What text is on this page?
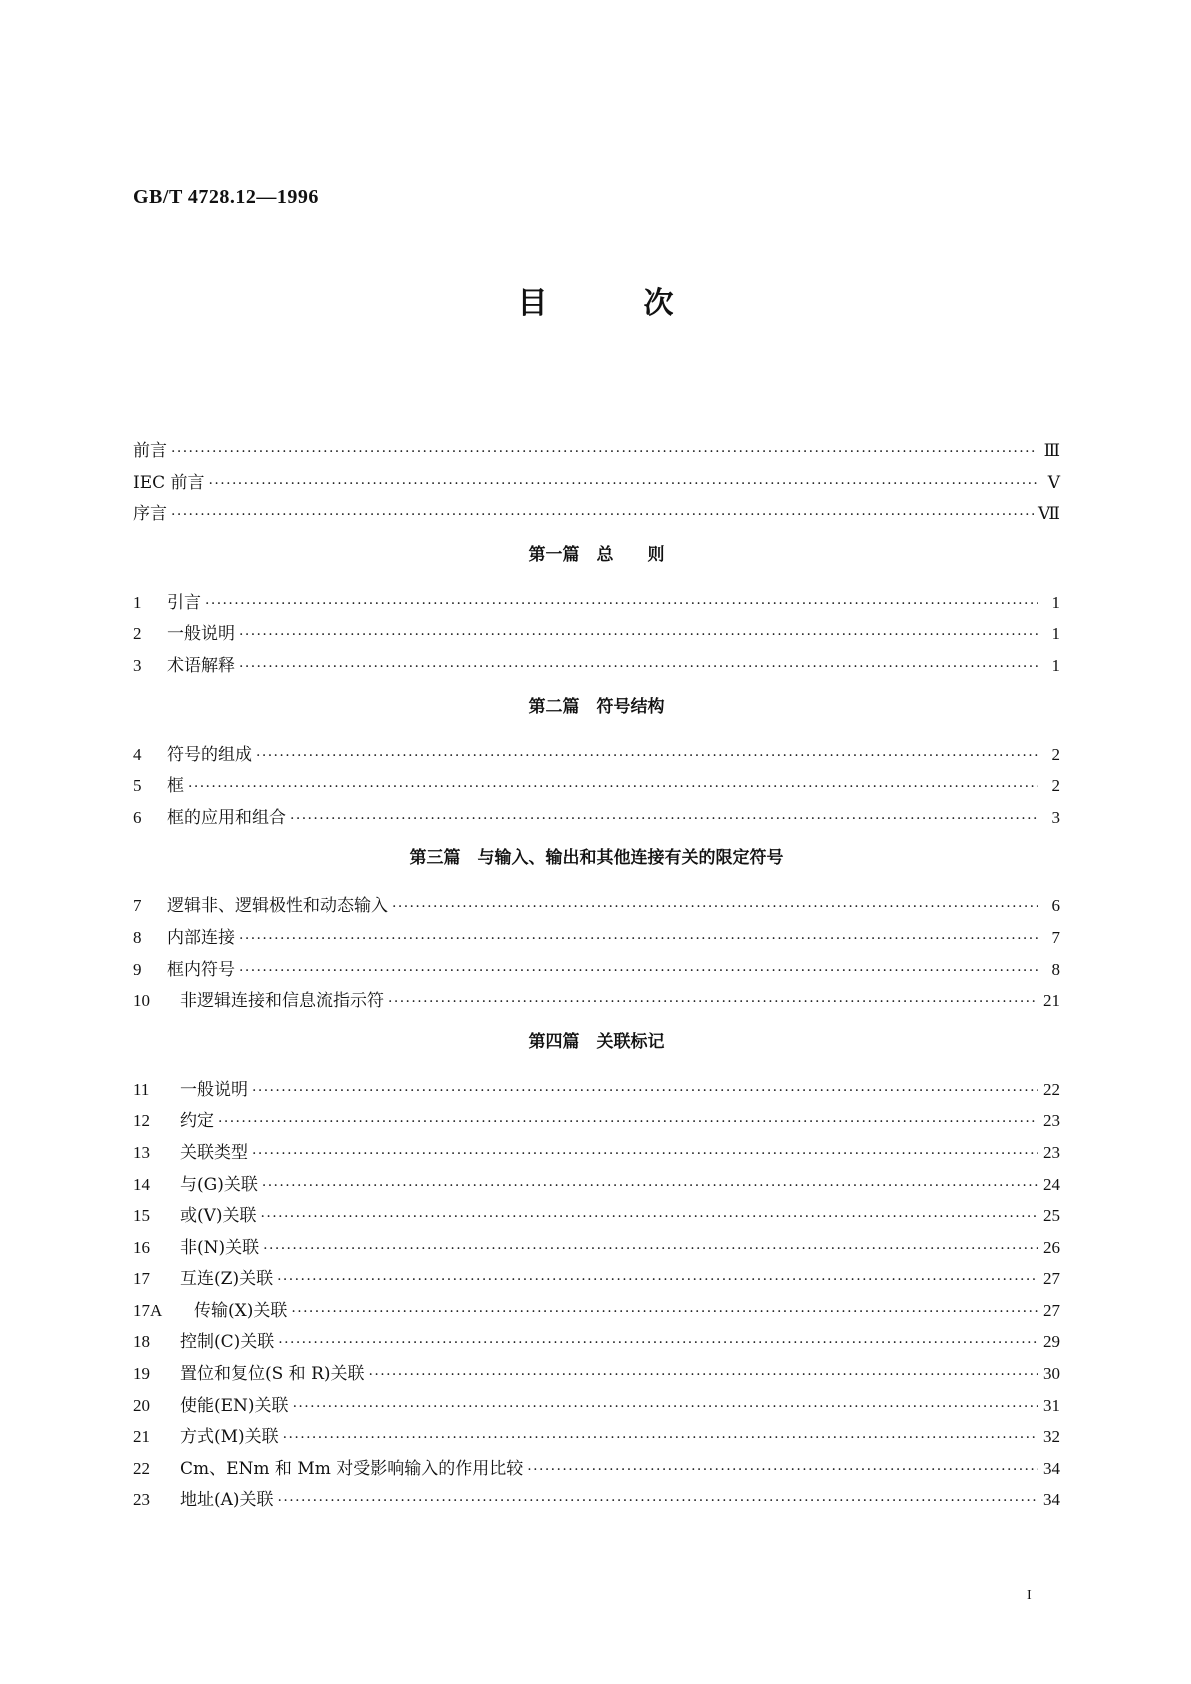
GB/T 4728.12—1996
目次
前言 ·····	Ⅲ
IEC 前言 ·····	Ⅴ
序言 ·····	Ⅶ
第一篇　总　　则
1	引言 ·····	1
2	一般说明 ·····	1
3	术语解释 ·····	1
第二篇　符号结构
4	符号的组成 ·····	2
5	框 ·····	2
6	框的应用和组合 ·····	3
第三篇　与输入、输出和其他连接有关的限定符号
7	逻辑非、逻辑极性和动态输入 ·····	6
8	内部连接 ·····	7
9	框内符号 ·····	8
10	非逻辑连接和信息流指示符 ·····	21
第四篇　关联标记
11	一般说明 ·····	22
12	约定 ·····	23
13	关联类型 ·····	23
14	与(G)关联 ·····	24
15	或(V)关联 ·····	25
16	非(N)关联 ·····	26
17	互连(Z)关联 ·····	27
17A	传输(X)关联 ·····	27
18	控制(C)关联 ·····	29
19	置位和复位(S 和 R)关联 ·····	30
20	使能(EN)关联 ·····	31
21	方式(M)关联 ·····	32
22	Cm、ENm 和 Mm 对受影响输入的作用比较 ·····	34
23	地址(A)关联 ·····	34
I
